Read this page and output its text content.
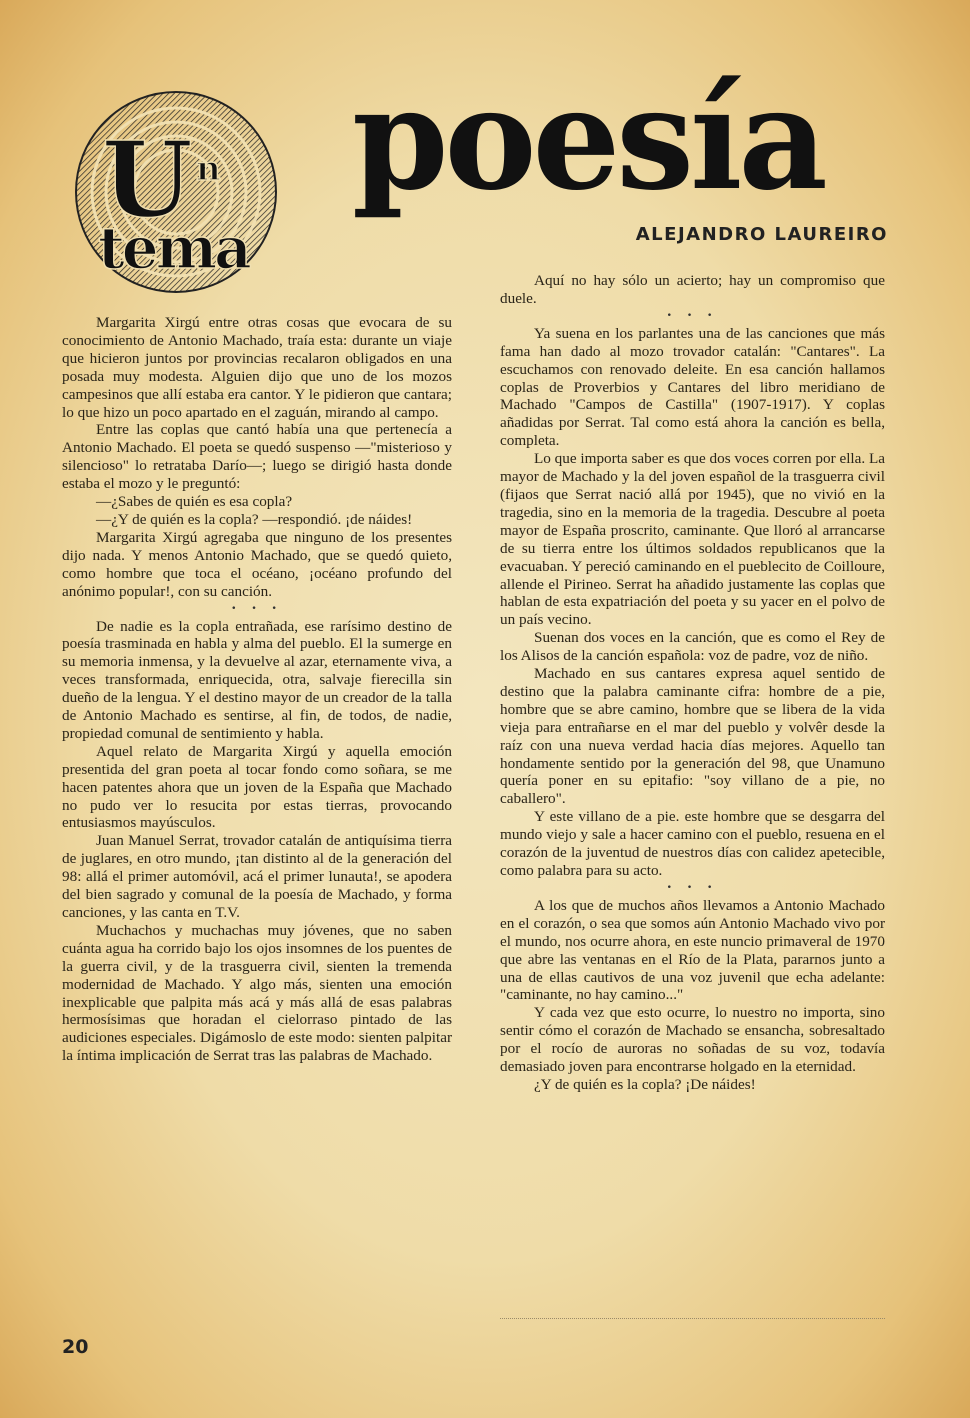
U n
tema
poesía
ALEJANDRO LAUREIRO

Margarita Xirgú entre otras cosas que evocara de su conocimiento de Antonio Machado, traía esta: durante un viaje que hicieron juntos por provincias recalaron obligados en una posada muy modesta. Alguien dijo que uno de los mozos campesinos que allí estaba era cantor. Y le pidieron que cantara; lo que hizo un poco apartado en el zaguán, mirando al campo.

Entre las coplas que cantó había una que pertenecía a Antonio Machado. El poeta se quedó suspenso —"misterioso y silencioso" lo retrataba Darío—; luego se dirigió hasta donde estaba el mozo y le preguntó:

—¿Sabes de quién es esa copla?

—¿Y de quién es la copla? —respondió. ¡de náides!

Margarita Xirgú agregaba que ninguno de los presentes dijo nada. Y menos Antonio Machado, que se quedó quieto, como hombre que toca el océano, ¡océano profundo del anónimo popular!, con su canción.

• • •

De nadie es la copla entrañada, ese rarísimo destino de poesía trasminada en habla y alma del pueblo. El la sumerge en su memoria inmensa, y la devuelve al azar, eternamente viva, a veces transformada, enriquecida, otra, salvaje fierecilla sin dueño de la lengua. Y el destino mayor de un creador de la talla de Antonio Machado es sentirse, al fin, de todos, de nadie, propiedad comunal de sentimiento y habla.

Aquel relato de Margarita Xirgú y aquella emoción presentida del gran poeta al tocar fondo como soñara, se me hacen patentes ahora que un joven de la España que Machado no pudo ver lo resucita por estas tierras, provocando entusiasmos mayúsculos.

Juan Manuel Serrat, trovador catalán de antiquísima tierra de juglares, en otro mundo, ¡tan distinto al de la generación del 98: allá el primer automóvil, acá el primer lunauta!, se apodera del bien sagrado y comunal de la poesía de Machado, y forma canciones, y las canta en T.V.

Muchachos y muchachas muy jóvenes, que no saben cuánta agua ha corrido bajo los ojos insomnes de los puentes de la guerra civil, y de la trasguerra civil, sienten la tremenda modernidad de Machado. Y algo más, sienten una emoción inexplicable que palpita más acá y más allá de esas palabras hermosísimas que horadan el cielorraso pintado de las audiciones especiales. Digámoslo de este modo: sienten palpitar la íntima implicación de Serrat tras las palabras de Machado.

Aquí no hay sólo un acierto; hay un compromiso que duele.

• • •

Ya suena en los parlantes una de las canciones que más fama han dado al mozo trovador catalán: "Cantares". La escuchamos con renovado deleite. En esa canción hallamos coplas de Proverbios y Cantares del libro meridiano de Machado "Campos de Castilla" (1907-1917). Y coplas añadidas por Serrat. Tal como está ahora la canción es bella, completa.

Lo que importa saber es que dos voces corren por ella. La mayor de Machado y la del joven español de la trasguerra civil (fijaos que Serrat nació allá por 1945), que no vivió en la tragedia, sino en la memoria de la tragedia. Descubre al poeta mayor de España proscrito, caminante. Que lloró al arrancarse de su tierra entre los últimos soldados republicanos que la evacuaban. Y pereció caminando en el pueblecito de Coilloure, allende el Pirineo. Serrat ha añadido justamente las coplas que hablan de esta expatriación del poeta y su yacer en el polvo de un país vecino.

Suenan dos voces en la canción, que es como el Rey de los Alisos de la canción española: voz de padre, voz de niño.

Machado en sus cantares expresa aquel sentido de destino que la palabra caminante cifra: hombre de a pie, hombre que se abre camino, hombre que se libera de la vida vieja para entrañarse en el mar del pueblo y volvêr desde la raíz con una nueva verdad hacia días mejores. Aquello tan hondamente sentido por la generación del 98, que Unamuno quería poner en su epitafio: "soy villano de a pie, no caballero".

Y este villano de a pie. este hombre que se desgarra del mundo viejo y sale a hacer camino con el pueblo, resuena en el corazón de la juventud de nuestros días con calidez apetecible, como palabra para su acto.

• • •

A los que de muchos años llevamos a Antonio Machado en el corazón, o sea que somos aún Antonio Machado vivo por el mundo, nos ocurre ahora, en este nuncio primaveral de 1970 que abre las ventanas en el Río de la Plata, pararnos junto a una de ellas cautivos de una voz juvenil que echa adelante: "caminante, no hay camino..."

Y cada vez que esto ocurre, lo nuestro no importa, sino sentir cómo el corazón de Machado se ensancha, sobresaltado por el rocío de auroras no soñadas de su voz, todavía demasiado joven para encontrarse holgado en la eternidad.

¿Y de quién es la copla? ¡De náides!

20
